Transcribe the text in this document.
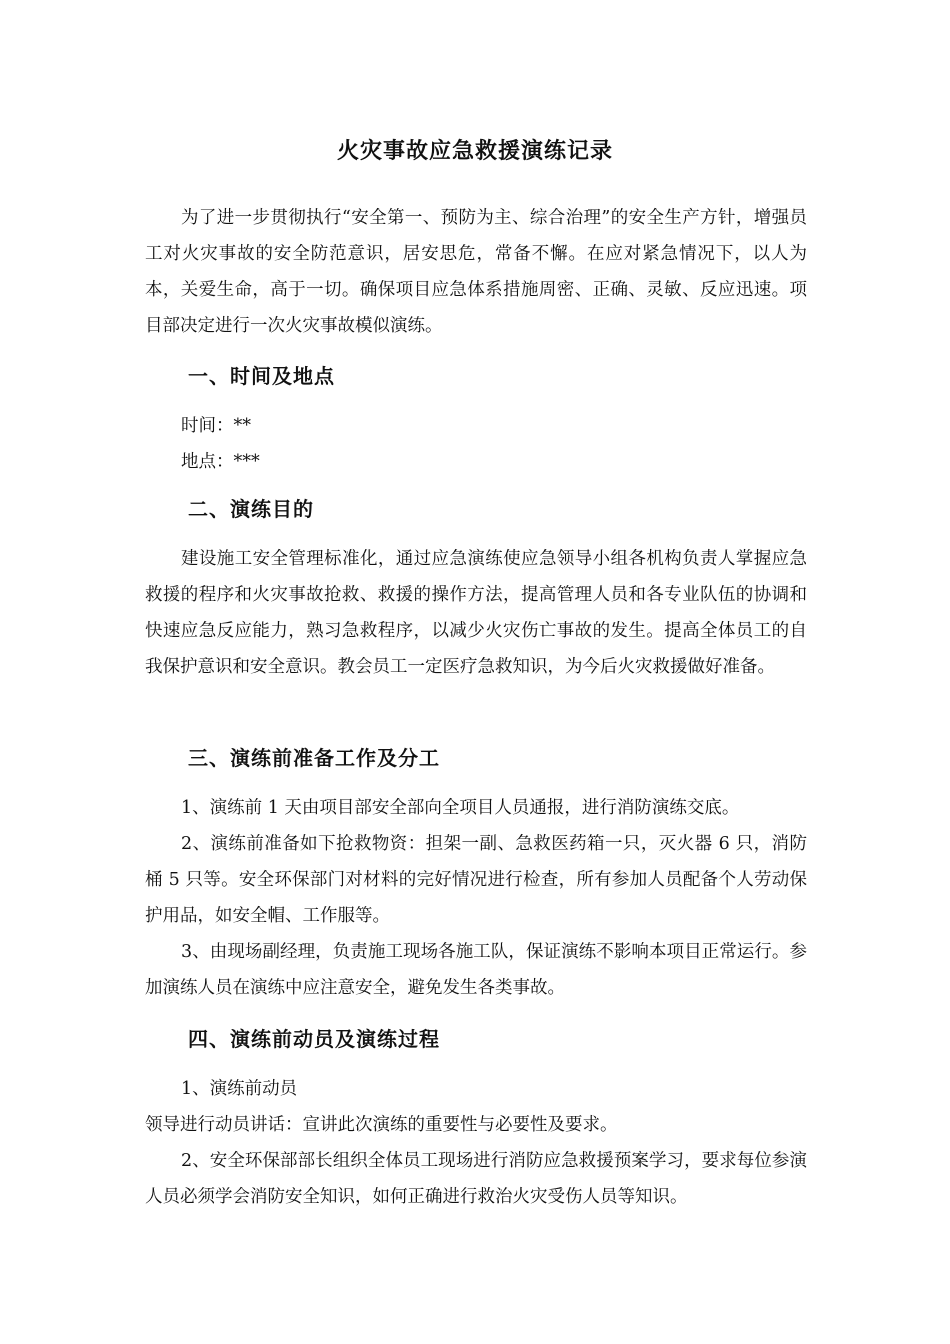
火灾事故应急救援演练记录

为了进一步贯彻执行“安全第一、预防为主、综合治理”的安全生产方针，增强员工对火灾事故的安全防范意识，居安思危，常备不懈。在应对紧急情况下，以人为本，关爱生命，高于一切。确保项目应急体系措施周密、正确、灵敏、反应迅速。项目部决定进行一次火灾事故模似演练。

一、时间及地点

时间：**

地点：***

二、演练目的

建设施工安全管理标准化，通过应急演练使应急领导小组各机构负责人掌握应急救援的程序和火灾事故抢救、救援的操作方法，提高管理人员和各专业队伍的协调和快速应急反应能力，熟习急救程序，以减少火灾伤亡事故的发生。提高全体员工的自我保护意识和安全意识。教会员工一定医疗急救知识，为今后火灾救援做好准备。

三、演练前准备工作及分工

1、演练前 1 天由项目部安全部向全项目人员通报，进行消防演练交底。

2、演练前准备如下抢救物资：担架一副、急救医药箱一只，灭火器 6 只，消防桶 5 只等。安全环保部门对材料的完好情况进行检查，所有参加人员配备个人劳动保护用品，如安全帽、工作服等。

3、由现场副经理，负责施工现场各施工队，保证演练不影响本项目正常运行。参加演练人员在演练中应注意安全，避免发生各类事故。

四、演练前动员及演练过程

1、演练前动员

领导进行动员讲话：宣讲此次演练的重要性与必要性及要求。

2、安全环保部部长组织全体员工现场进行消防应急救援预案学习，要求每位参演人员必须学会消防安全知识，如何正确进行救治火灾受伤人员等知识。
